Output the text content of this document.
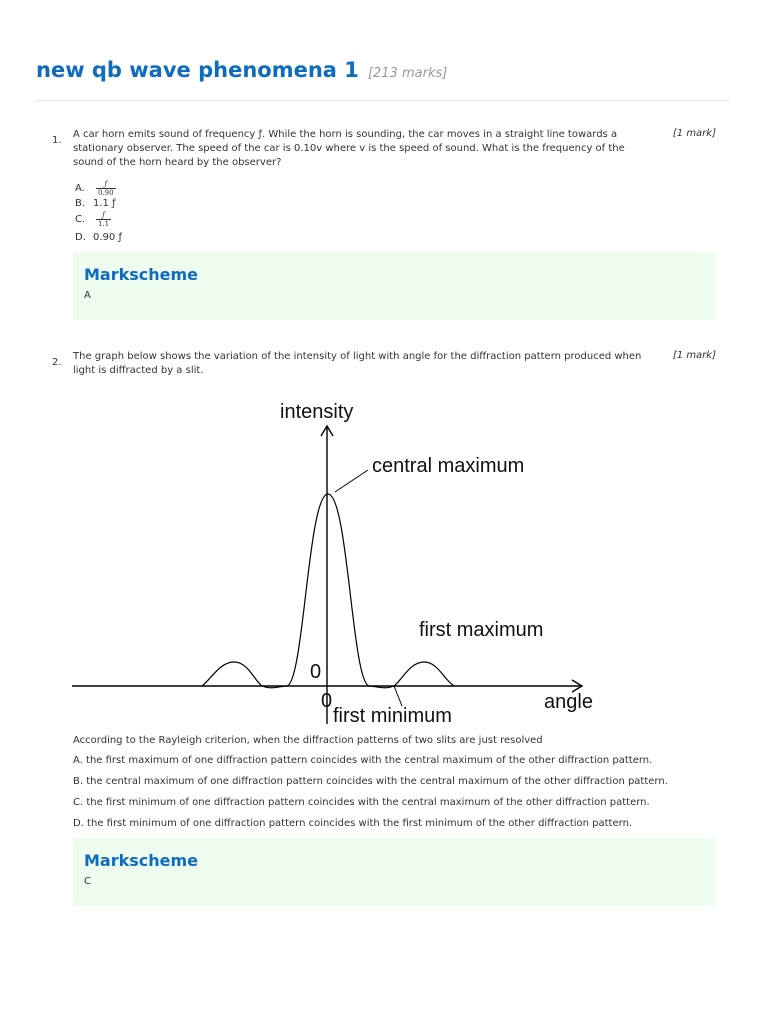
new qb wave phenomena 1 [213 marks]
1.
A car horn emits sound of frequency ƒ. While the horn is sounding, the car moves in a straight line towards a stationary observer. The speed of the car is 0.10v where v is the speed of sound. What is the frequency of the sound of the horn heard by the observer?
[1 mark]
A.	$\frac{ƒ}{0.90}$
B. 1.1 ƒ
C.	$\frac{ƒ}{1.1}$
D. 0.90 ƒ
Markscheme
A
2.
The graph below shows the variation of the intensity of light with angle for the diffraction pattern produced when light is diffracted by a slit.
[1 mark]
intensity
central maximum
first maximum
0
0
first minimum
angle
According to the Rayleigh criterion, when the diffraction patterns of two slits are just resolved
A. the first maximum of one diffraction pattern coincides with the central maximum of the other diffraction pattern.
B. the central maximum of one diffraction pattern coincides with the central maximum of the other diffraction pattern.
C. the first minimum of one diffraction pattern coincides with the central maximum of the other diffraction pattern.
D. the first minimum of one diffraction pattern coincides with the first minimum of the other diffraction pattern.
Markscheme
C
